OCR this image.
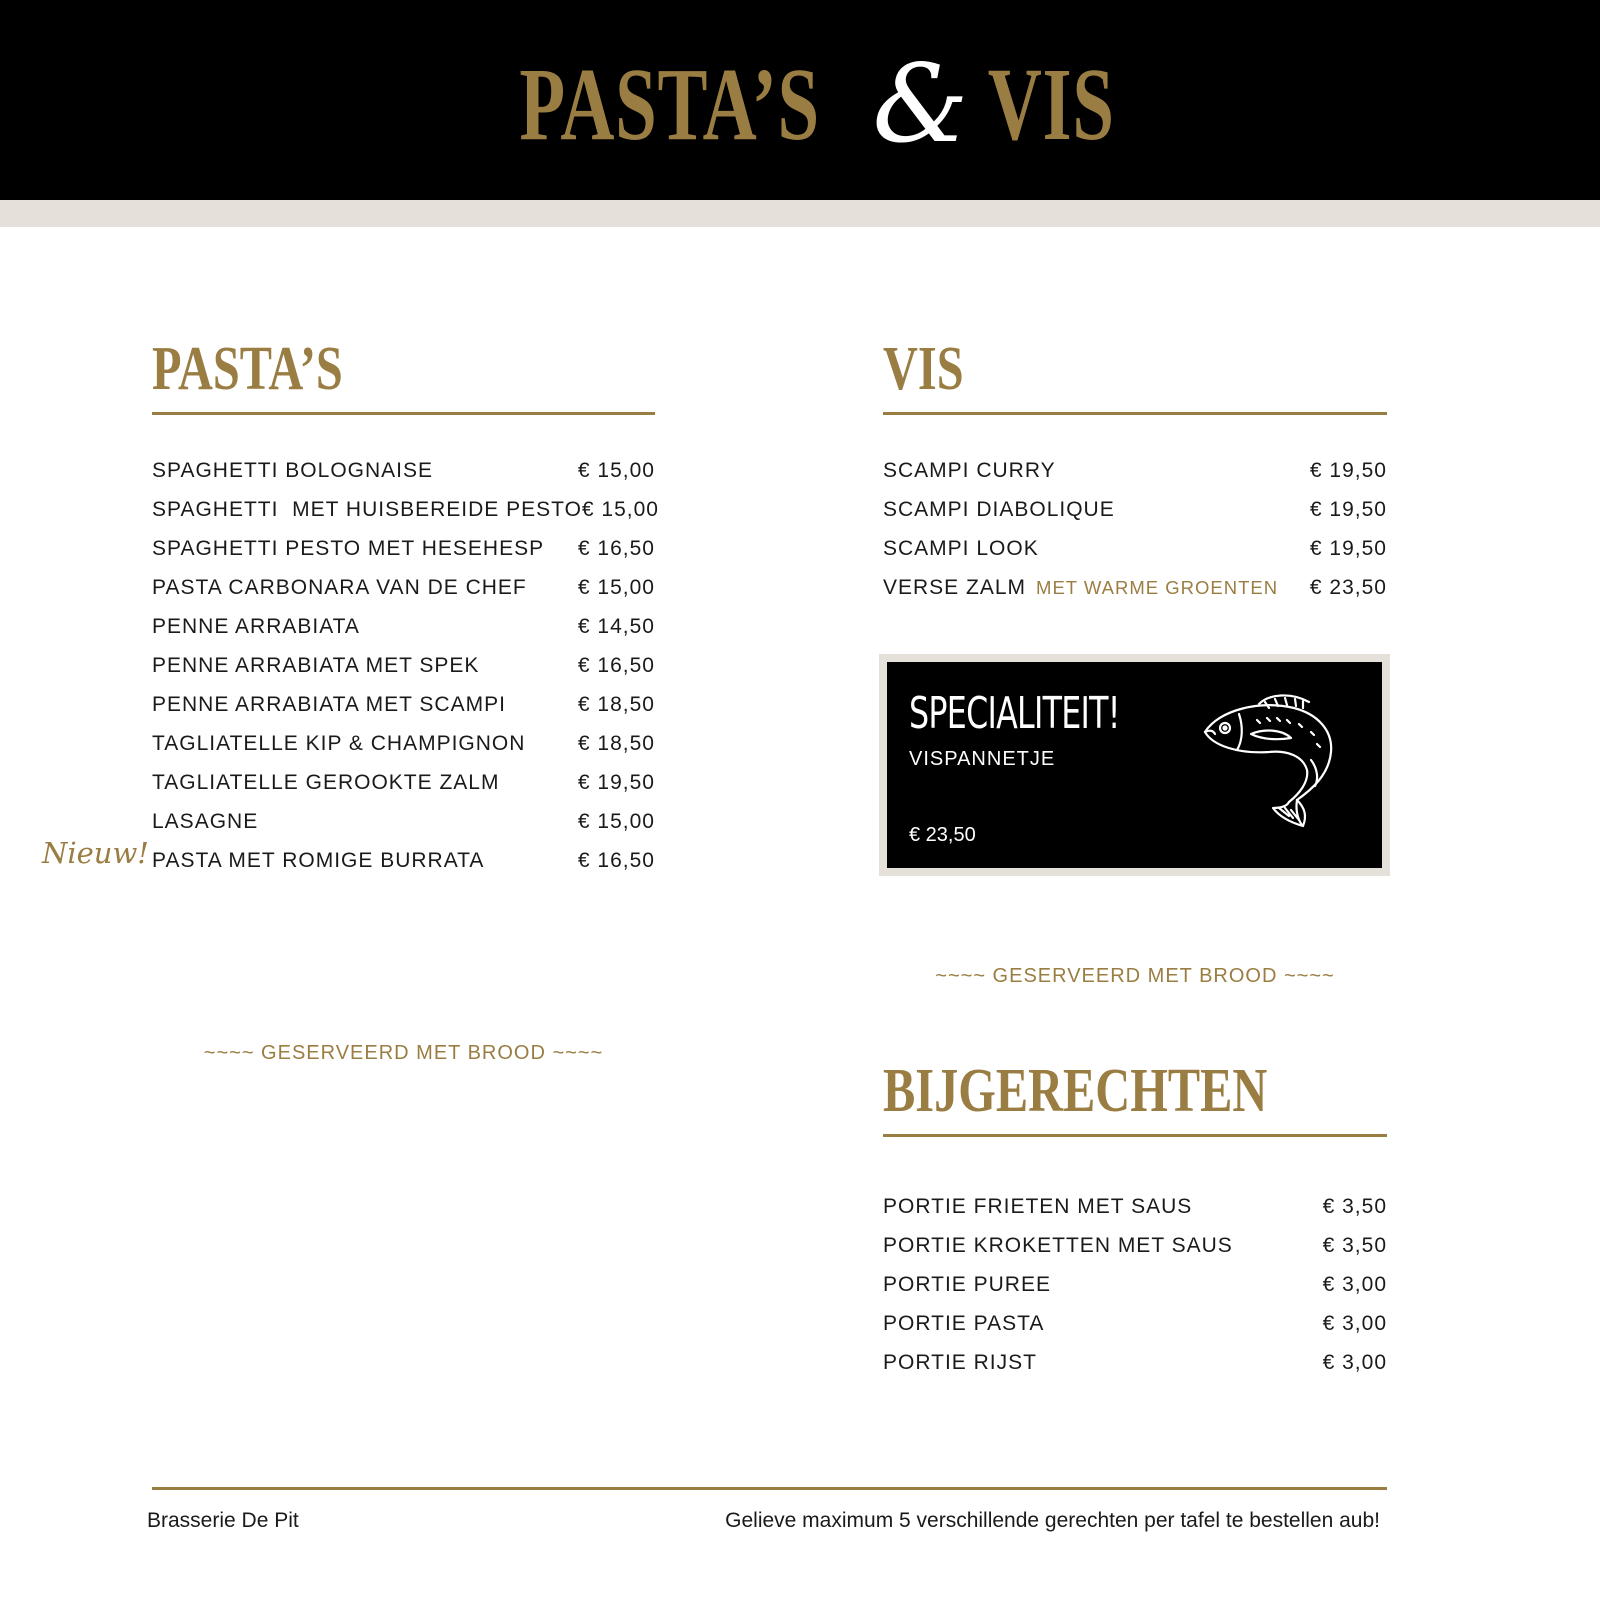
PASTA’S & VIS
PASTA’S
SPAGHETTI BOLOGNAISE	€ 15,00
SPAGHETTI  MET HUISBEREIDE PESTO € 15,00
SPAGHETTI PESTO MET HESEHESP € 16,50
PASTA CARBONARA VAN DE CHEF € 15,00
PENNE ARRABIATA	€ 14,50
PENNE ARRABIATA MET SPEK	€ 16,50
PENNE ARRABIATA MET SCAMPI	€ 18,50
TAGLIATELLE KIP & CHAMPIGNON € 18,50
TAGLIATELLE GEROOKTE ZALM	€ 19,50
LASAGNE	€ 15,00
PASTA MET ROMIGE BURRATA	€ 16,50
Nieuw!
~~~~ GESERVEERD MET BROOD ~~~~
VIS
SCAMPI CURRY	€ 19,50
SCAMPI DIABOLIQUE	€ 19,50
SCAMPI LOOK	€ 19,50
VERSE ZALM MET WARME GROENTEN € 23,50
SPECIALITEIT!
VISPANNETJE
€ 23,50
~~~~ GESERVEERD MET BROOD ~~~~
BIJGERECHTEN
PORTIE FRIETEN MET SAUS	€ 3,50
PORTIE KROKETTEN MET SAUS	€ 3,50
PORTIE PUREE	€ 3,00
PORTIE PASTA	€ 3,00
PORTIE RIJST	€ 3,00
Brasserie De Pit	Gelieve maximum 5 verschillende gerechten per tafel te bestellen aub!
